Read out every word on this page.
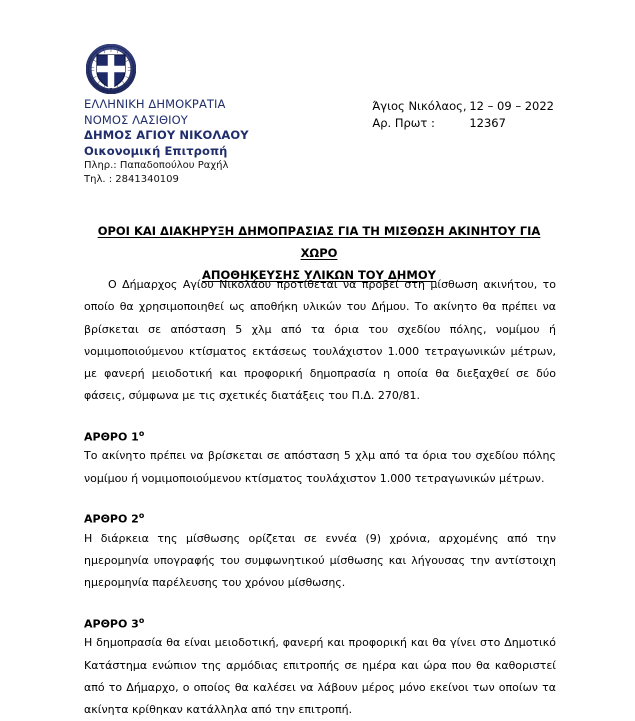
ΕΛΛΗΝΙΚΗ ΔΗΜΟΚΡΑΤΙΑ
ΝΟΜΟΣ ΛΑΣΙΘΙΟΥ
ΔΗΜΟΣ ΑΓΙΟΥ ΝΙΚΟΛΑΟΥ
Οικονομική Επιτροπή
Πληρ.: Παπαδοπούλου Ραχήλ
Τηλ. : 2841340109
Άγιος Νικόλαος, 12 – 09 – 2022
Αρ. Πρωτ :	12367
ΟΡΟΙ ΚΑΙ ΔΙΑΚΗΡΥΞΗ ΔΗΜΟΠΡΑΣΙΑΣ ΓΙΑ ΤΗ ΜΙΣΘΩΣΗ ΑΚΙΝΗΤΟΥ ΓΙΑ ΧΩΡΟ
ΑΠΟΘΗΚΕΥΣΗΣ ΥΛΙΚΩΝ ΤΟΥ ΔΗΜΟΥ

Ο Δήμαρχος Αγίου Νικολάου προτίθεται να προβεί στη μίσθωση ακινήτου, το οποίο θα χρησιμοποιηθεί ως αποθήκη υλικών του Δήμου. Το ακίνητο θα πρέπει να βρίσκεται σε απόσταση 5 χλμ από τα όρια του σχεδίου πόλης, νομίμου ή νομιμοποιούμενου κτίσματος εκτάσεως τουλάχιστον 1.000 τετραγωνικών μέτρων, με φανερή μειοδοτική και προφορική δημοπρασία η οποία θα διεξαχθεί σε δύο φάσεις, σύμφωνα με τις σχετικές διατάξεις του Π.Δ. 270/81.

ΑΡΘΡΟ $1^o$

Το ακίνητο πρέπει να βρίσκεται σε απόσταση 5 χλμ από τα όρια του σχεδίου πόλης νομίμου ή νομιμοποιούμενου κτίσματος τουλάχιστον 1.000 τετραγωνικών μέτρων.

ΑΡΘΡΟ $2^o$

Η διάρκεια της μίσθωσης ορίζεται σε εννέα (9) χρόνια, αρχομένης από την ημερομηνία υπογραφής του συμφωνητικού μίσθωσης και λήγουσας την αντίστοιχη ημερομηνία παρέλευσης του χρόνου μίσθωσης.

ΑΡΘΡΟ $3^o$

Η δημοπρασία θα είναι μειοδοτική, φανερή και προφορική και θα γίνει στο Δημοτικό Κατάστημα ενώπιον της αρμόδιας επιτροπής σε ημέρα και ώρα που θα καθοριστεί από το Δήμαρχο, ο οποίος θα καλέσει να λάβουν μέρος μόνο εκείνοι των οποίων τα ακίνητα κρίθηκαν κατάλληλα από την επιτροπή.
